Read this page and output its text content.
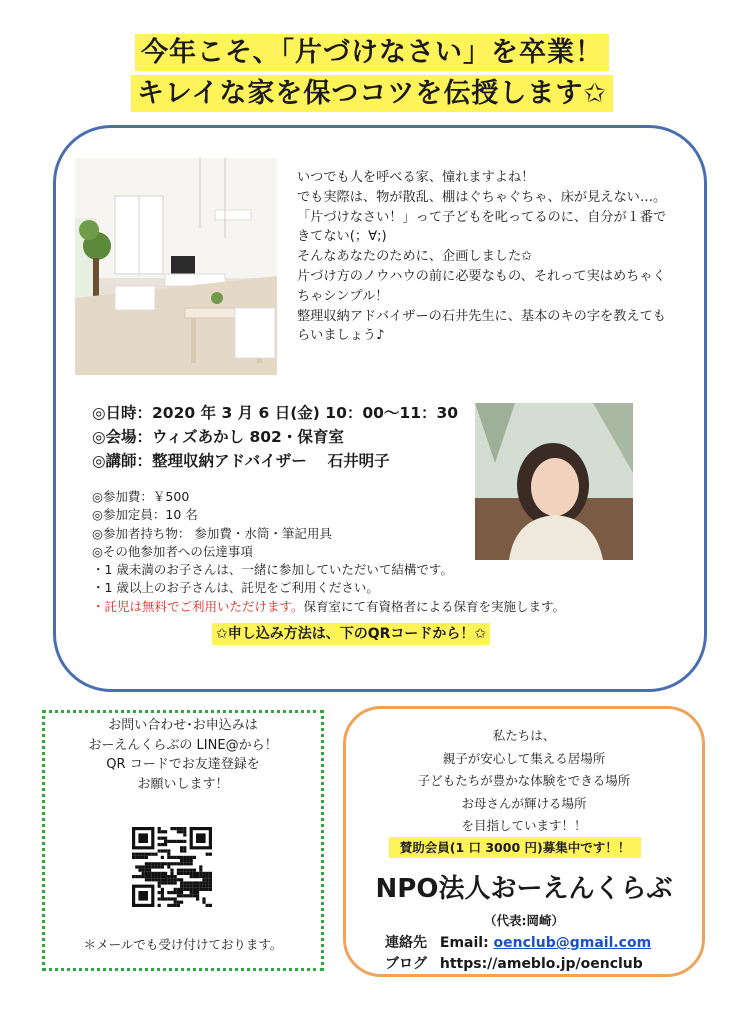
今年こそ、「片づけなさい」を卒業！
キレイな家を保つコツを伝授します✩
いつでも人を呼べる家、憧れますよね！
でも実際は、物が散乱、棚はぐちゃぐちゃ、床が見えない…。
「片づけなさい！」って子どもを叱ってるのに、自分が１番できてない(；∀;)
そんなあなたのために、企画しました✩
片づけ方のノウハウの前に必要なもの、それって実はめちゃくちゃシンプル！
整理収納アドバイザーの石井先生に、基本のキの字を教えてもらいましょう♪
◎日時：2020 年 3 月 6 日(金) 10：00〜11：30
◎会場：ウィズあかし 802・保育室
◎講師：整理収納アドバイザー　 石井明子
◎参加費：￥500
◎参加定員：10 名
◎参加者持ち物： 参加費・水筒・筆記用具
◎その他参加者への伝達事項
・1 歳未満のお子さんは、一緒に参加していただいて結構です。
・1 歳以上のお子さんは、託児をご利用ください。
・託児は無料でご利用いただけます。保育室にて有資格者による保育を実施します。
✩申し込み方法は、下のQRコードから！✩
お問い合わせ･お申込みは
おーえんくらぶの LINE@から！
QR コードでお友達登録を
お願いします！
＊メールでも受け付けております。
私たちは、
親子が安心して集える居場所
子どもたちが豊かな体験をできる場所
お母さんが輝ける場所
を目指しています！！
賛助会員(1 口 3000 円)募集中です！！
NPO法人おーえんくらぶ
（代表:岡崎）
連絡先 Email: oenclub@gmail.com
ブログ https://ameblo.jp/oenclub
